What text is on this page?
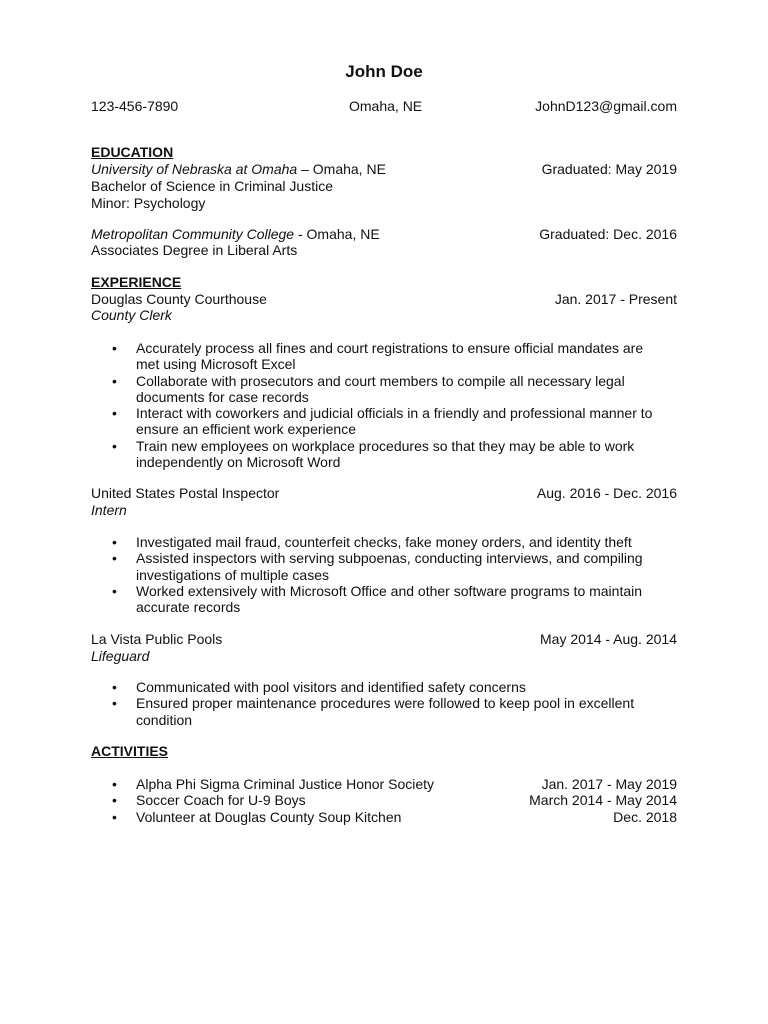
John Doe
123-456-7890	Omaha, NE	JohnD123@gmail.com
EDUCATION
University of Nebraska at Omaha – Omaha, NE	Graduated: May 2019
Bachelor of Science in Criminal Justice
Minor: Psychology
Metropolitan Community College - Omaha, NE	Graduated: Dec. 2016
Associates Degree in Liberal Arts
EXPERIENCE
Douglas County Courthouse	Jan. 2017 - Present
County Clerk
• Accurately process all fines and court registrations to ensure official mandates are met using Microsoft Excel
• Collaborate with prosecutors and court members to compile all necessary legal documents for case records
• Interact with coworkers and judicial officials in a friendly and professional manner to ensure an efficient work experience
• Train new employees on workplace procedures so that they may be able to work independently on Microsoft Word
United States Postal Inspector	Aug. 2016 - Dec. 2016
Intern
• Investigated mail fraud, counterfeit checks, fake money orders, and identity theft
• Assisted inspectors with serving subpoenas, conducting interviews, and compiling investigations of multiple cases
• Worked extensively with Microsoft Office and other software programs to maintain accurate records
La Vista Public Pools	May 2014 - Aug. 2014
Lifeguard
• Communicated with pool visitors and identified safety concerns
• Ensured proper maintenance procedures were followed to keep pool in excellent condition
ACTIVITIES
• Alpha Phi Sigma Criminal Justice Honor Society	Jan. 2017 - May 2019
• Soccer Coach for U-9 Boys	March 2014 - May 2014
• Volunteer at Douglas County Soup Kitchen	Dec. 2018
